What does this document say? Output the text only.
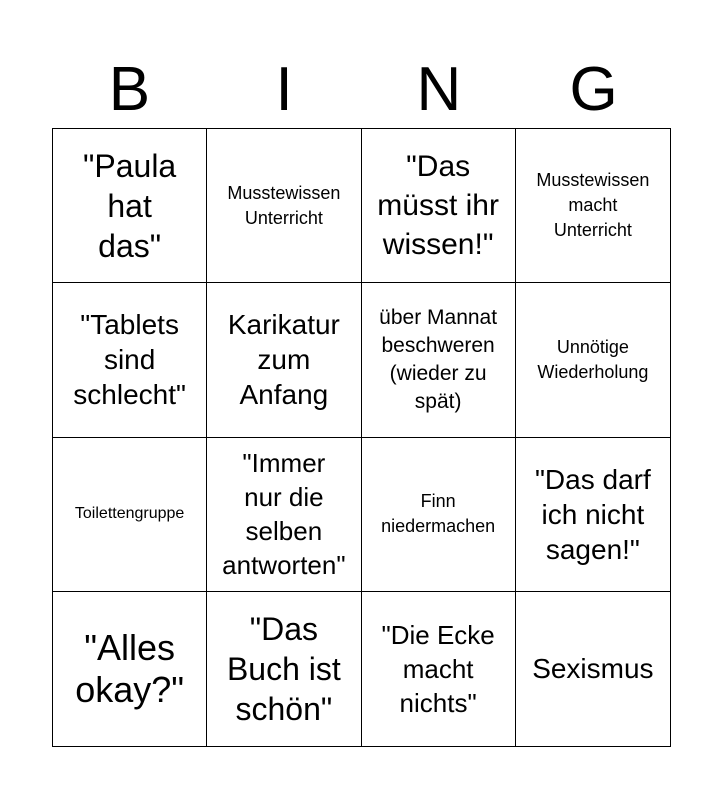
B	I	N	G
"Paula
hat
das"
Musstewissen
Unterricht
"Das
müsst ihr
wissen!"
Musstewissen
macht
Unterricht
"Tablets
sind
schlecht"
Karikatur
zum
Anfang
über Mannat
beschweren
(wieder zu
spät)
Unnötige
Wiederholung
Toilettengruppe
"Immer
nur die
selben
antworten"
Finn
niedermachen
"Das darf
ich nicht
sagen!"
"Alles
okay?"
"Das
Buch ist
schön"
"Die Ecke
macht
nichts"
Sexismus
